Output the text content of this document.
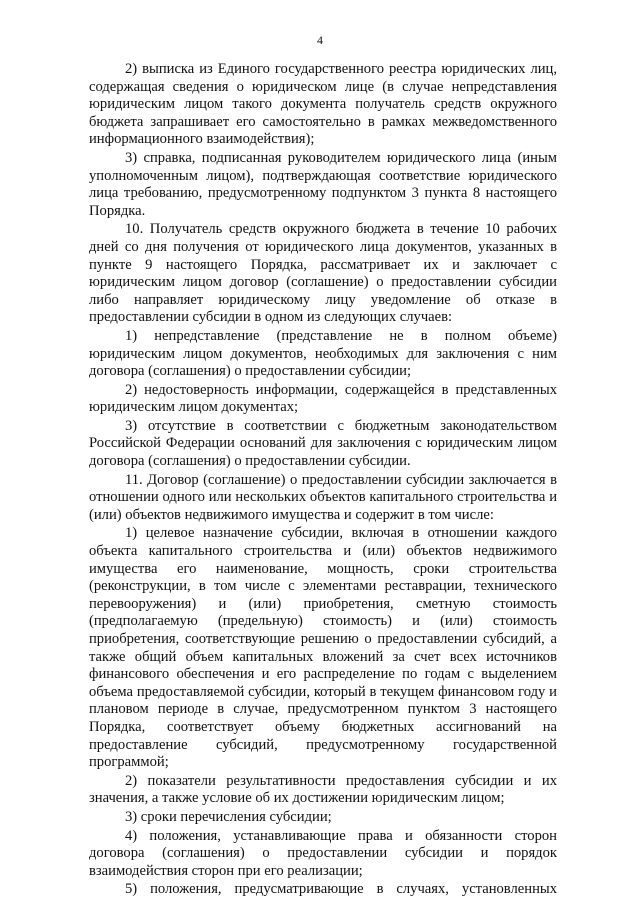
4

2) выписка из Единого государственного реестра юридических лиц, содержащая сведения о юридическом лице (в случае непредставления юридическим лицом такого документа получатель средств окружного бюджета запрашивает его самостоятельно в рамках межведомственного информационного взаимодействия);

3) справка, подписанная руководителем юридического лица (иным уполномоченным лицом), подтверждающая соответствие юридического лица требованию, предусмотренному подпунктом 3 пункта 8 настоящего Порядка.

10. Получатель средств окружного бюджета в течение 10 рабочих дней со дня получения от юридического лица документов, указанных в пункте 9 настоящего Порядка, рассматривает их и заключает с юридическим лицом договор (соглашение) о предоставлении субсидии либо направляет юридическому лицу уведомление об отказе в предоставлении субсидии в одном из следующих случаев:

1) непредставление (представление не в полном объеме) юридическим лицом документов, необходимых для заключения с ним договора (соглашения) о предоставлении субсидии;

2) недостоверность информации, содержащейся в представленных юридическим лицом документах;

3) отсутствие в соответствии с бюджетным законодательством Российской Федерации оснований для заключения с юридическим лицом договора (соглашения) о предоставлении субсидии.

11. Договор (соглашение) о предоставлении субсидии заключается в отношении одного или нескольких объектов капитального строительства и (или) объектов недвижимого имущества и содержит в том числе:

1) целевое назначение субсидии, включая в отношении каждого объекта капитального строительства и (или) объектов недвижимого имущества его наименование, мощность, сроки строительства (реконструкции, в том числе с элементами реставрации, технического перевооружения) и (или) приобретения, сметную стоимость (предполагаемую (предельную) стоимость) и (или) стоимость приобретения, соответствующие решению о предоставлении субсидий, а также общий объем капитальных вложений за счет всех источников финансового обеспечения и его распределение по годам с выделением объема предоставляемой субсидии, который в текущем финансовом году и плановом периоде в случае, предусмотренном пунктом 3 настоящего Порядка, соответствует объему бюджетных ассигнований на предоставление субсидий, предусмотренному государственной программой;

2) показатели результативности предоставления субсидии и их значения, а также условие об их достижении юридическим лицом;

3) сроки перечисления субсидии;

4) положения, устанавливающие права и обязанности сторон договора (соглашения) о предоставлении субсидии и порядок взаимодействия сторон при его реализации;

5) положения, предусматривающие в случаях, установленных
